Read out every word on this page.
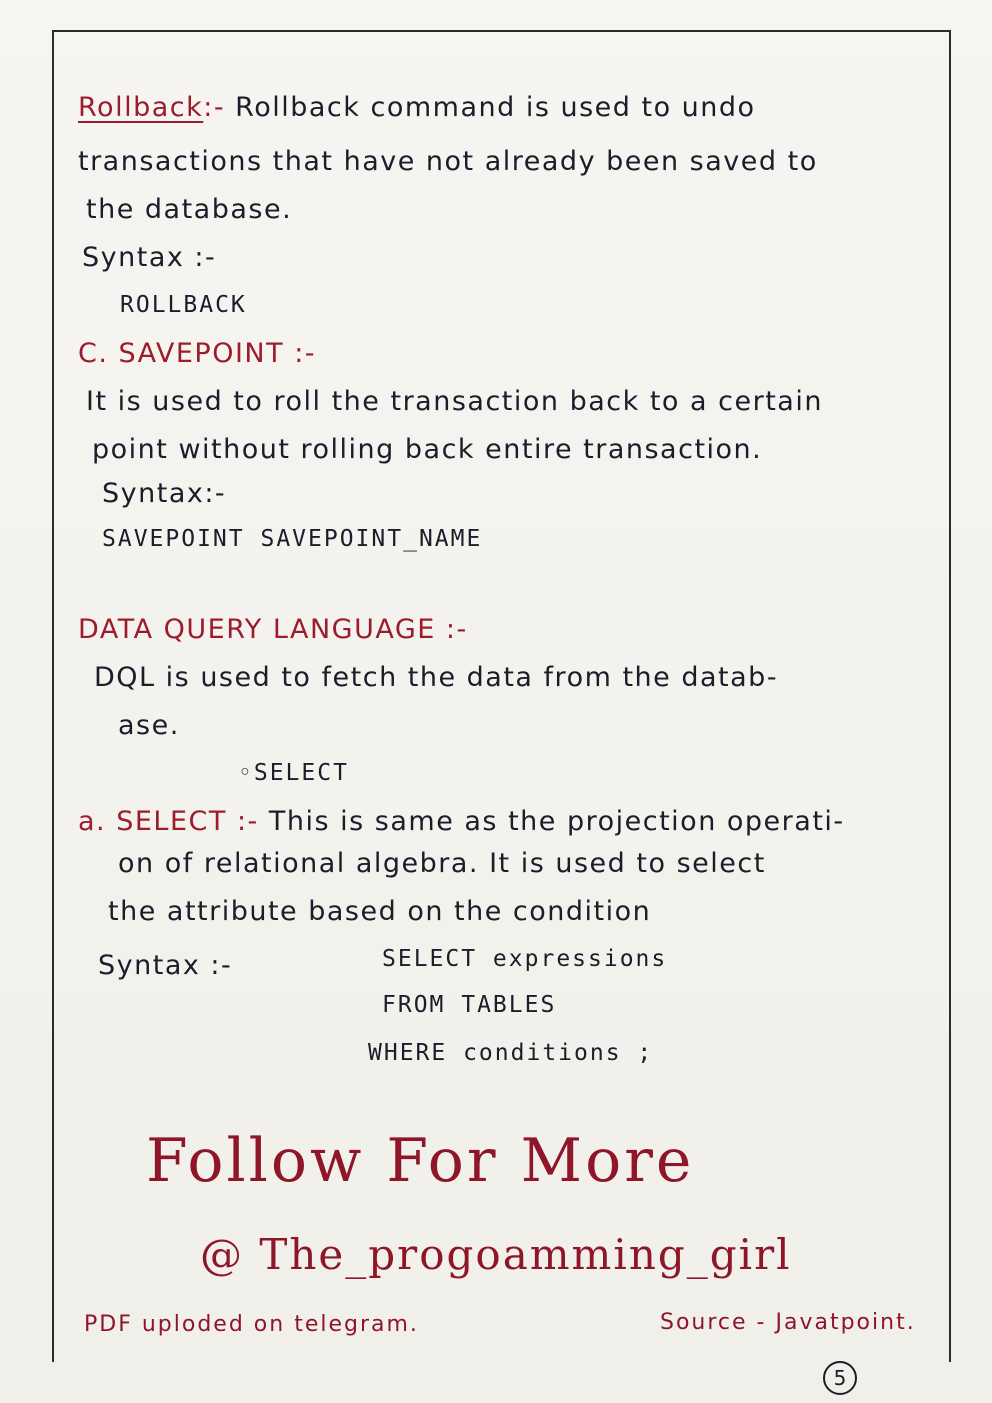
Rollback:- Rollback command is used to undo
transactions that have not already been saved to
the database.
Syntax :-
ROLLBACK
C. SAVEPOINT :-
It is used to roll the transaction back to a certain
point without rolling back entire transaction.
Syntax:-
SAVEPOINT SAVEPOINT_NAME
DATA QUERY LANGUAGE :-
DQL is used to fetch the data from the datab-
ase.
◦SELECT
a. SELECT :- This is same as the projection operati-
on of relational algebra. It is used to select
the attribute based on the condition
Syntax :-	SELECT expressions
FROM TABLES
WHERE conditions ;
Follow For More
@ The_progoamming_girl
PDF uploded on telegram.	Source - Javatpoint.
5
